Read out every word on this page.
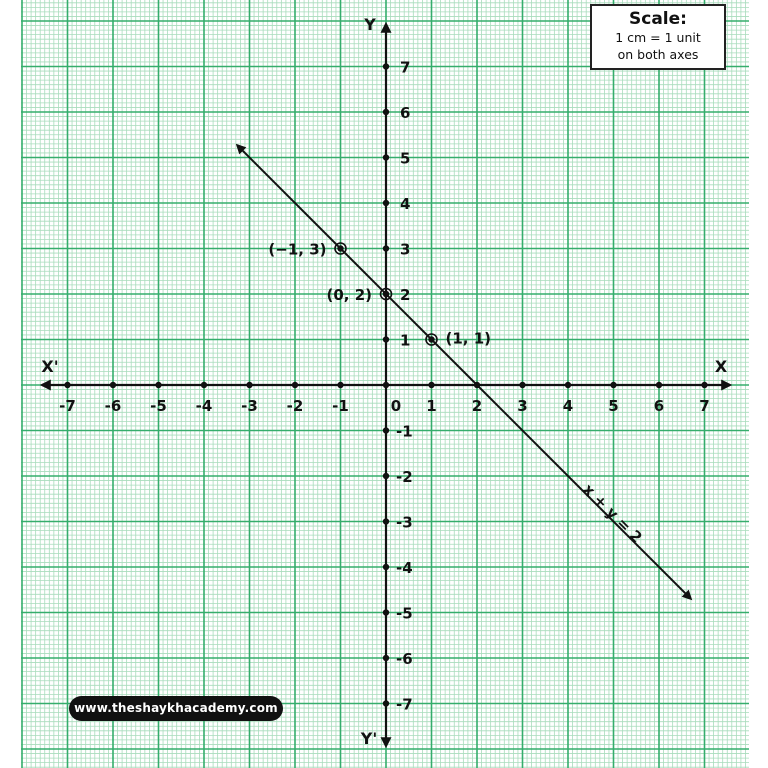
-7 -6 -5 -4 -3 -2 -1	0 1 2 3 4 5 6 7
-7
-6
-5
-4
-3
-2
-1
1
2
3
4
5
6
7
x + y = 2
(−1, 3)
(0, 2)
(1, 1)
X
X'
Y
Y'
Scale:
1 cm = 1 unit
on both axes
www.theshaykhacademy.com
